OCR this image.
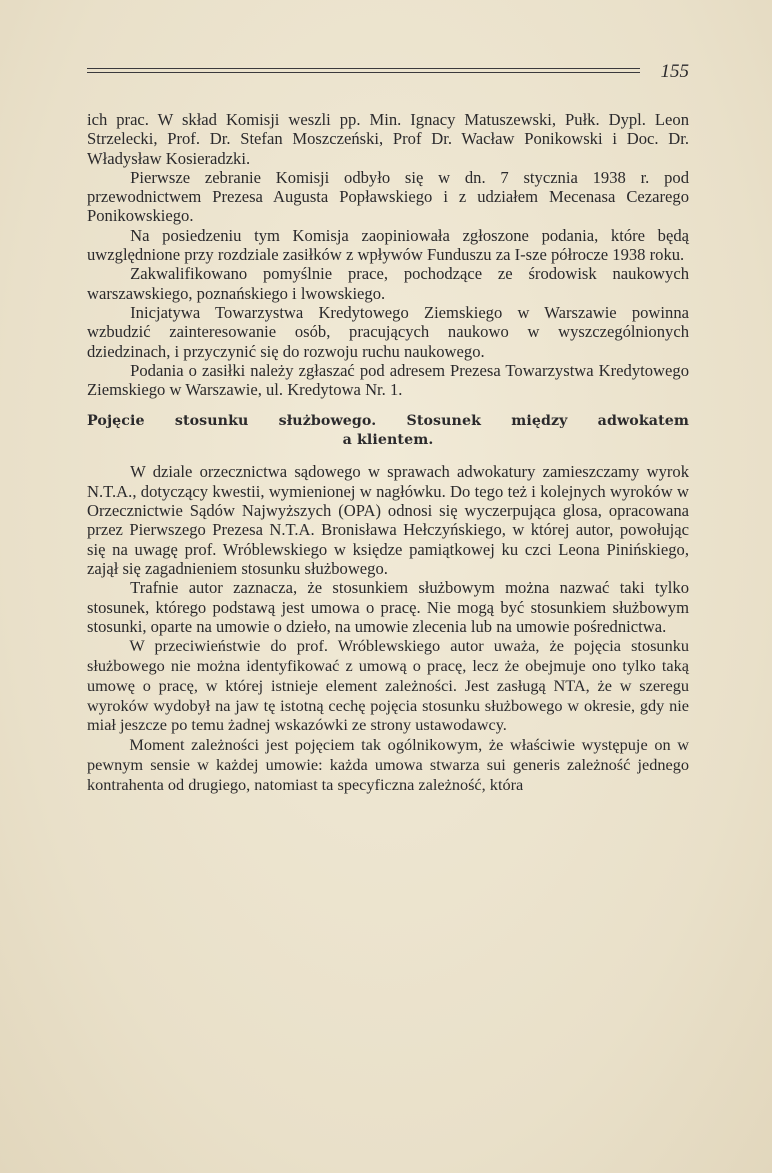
155

ich prac. W skład Komisji weszli pp. Min. Ignacy Matuszewski, Pułk. Dypl. Leon Strzelecki, Prof. Dr. Stefan Moszczeński, Prof Dr. Wacław Ponikowski i Doc. Dr. Władysław Kosieradzki.

Pierwsze zebranie Komisji odbyło się w dn. 7 stycznia 1938 r. pod przewodnictwem Prezesa Augusta Popławskiego i z udziałem Mecenasa Cezarego Ponikowskiego.

Na posiedzeniu tym Komisja zaopiniowała zgłoszone podania, które będą uwzględnione przy rozdziale zasiłków z wpływów Funduszu za I-sze półrocze 1938 roku.

Zakwalifikowano pomyślnie prace, pochodzące ze środowisk naukowych warszawskiego, poznańskiego i lwowskiego.

Inicjatywa Towarzystwa Kredytowego Ziemskiego w Warszawie powinna wzbudzić zainteresowanie osób, pracujących naukowo w wyszczególnionych dziedzinach, i przyczynić się do rozwoju ruchu naukowego.

Podania o zasiłki należy zgłaszać pod adresem Prezesa Towarzystwa Kredytowego Ziemskiego w Warszawie, ul. Kredytowa Nr. 1.

Pojęcie stosunku służbowego. Stosunek między adwokatem
a klientem.

W dziale orzecznictwa sądowego w sprawach adwokatury zamieszczamy wyrok N.T.A., dotyczący kwestii, wymienionej w nagłówku. Do tego też i kolejnych wyroków w Orzecznictwie Sądów Najwyższych (OPA) odnosi się wyczerpująca glosa, opracowana przez Pierwszego Prezesa N.T.A. Bronisława Hełczyńskiego, w której autor, powołując się na uwagę prof. Wróblewskiego w księdze pamiątkowej ku czci Leona Pinińskiego, zajął się zagadnieniem stosunku służbowego.

Trafnie autor zaznacza, że stosunkiem służbowym można nazwać taki tylko stosunek, którego podstawą jest umowa o pracę. Nie mogą być stosunkiem służbowym stosunki, oparte na umowie o dzieło, na umowie zlecenia lub na umowie pośrednictwa.

W przeciwieństwie do prof. Wróblewskiego autor uważa, że pojęcia stosunku służbowego nie można identyfikować z umową o pracę, lecz że obejmuje ono tylko taką umowę o pracę, w której istnieje element zależności. Jest zasługą NTA, że w szeregu wyroków wydobył na jaw tę istotną cechę pojęcia stosunku służbowego w okresie, gdy nie miał jeszcze po temu żadnej wskazówki ze strony ustawodawcy.

Moment zależności jest pojęciem tak ogólnikowym, że właściwie występuje on w pewnym sensie w każdej umowie: każda umowa stwarza sui generis zależność jednego kontrahenta od drugiego, natomiast ta specyficzna zależność, która
